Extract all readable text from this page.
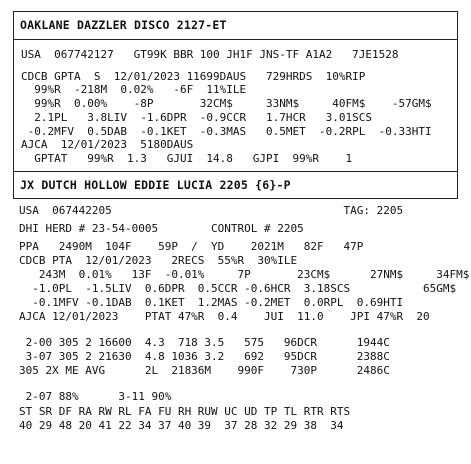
OAKLANE DAZZLER DISCO 2127-ET
USA  067742127   GT99K BBR 100 JH1F JNS-TF A1A2   7JE1528
CDCB GPTA  S  12/01/2023 11699DAUS   729HRDS  10%RIP
99%R  -218M  0.02%   -6F  11%ILE
99%R  0.00%    -8P       32CM$     33NM$     40FM$    -57GM$
2.1PL   3.8LIV  -1.6DPR  -0.9CCR   1.7HCR   3.01SCS
-0.2MFV  0.5DAB  -0.1KET  -0.3MAS   0.5MET  -0.2RPL  -0.33HTI
AJCA  12/01/2023  5180DAUS
GPTAT   99%R  1.3   GJUI  14.8   GJPI  99%R    1
JX DUTCH HOLLOW EDDIE LUCIA 2205 {6}-P
USA  067442205                                   TAG: 2205
DHI HERD # 23-54-0005        CONTROL # 2205
PPA   2490M  104F    59P  /  YD    2021M   82F   47P
CDCB PTA  12/01/2023   2RECS  55%R  30%ILE
243M  0.01%   13F  -0.01%     7P       23CM$      27NM$     34FM$
-1.0PL  -1.5LIV  0.6DPR  0.5CCR -0.6HCR  3.18SCS           65GM$
-0.1MFV -0.1DAB  0.1KET  1.2MAS -0.2MET  0.0RPL  0.69HTI
AJCA 12/01/2023    PTAT 47%R  0.4    JUI  11.0    JPI 47%R  20
2-00 305 2 16600  4.3  718 3.5   575   96DCR      1944C
3-07 305 2 21630  4.8 1036 3.2   692   95DCR      2388C
305 2X ME AVG      2L  21836M    990F    730P      2486C
2-07 88%      3-11 90%
ST SR DF RA RW RL FA FU RH RUW UC UD TP TL RTR RTS
40 29 48 20 41 22 34 37 40 39  37 28 32 29 38  34
